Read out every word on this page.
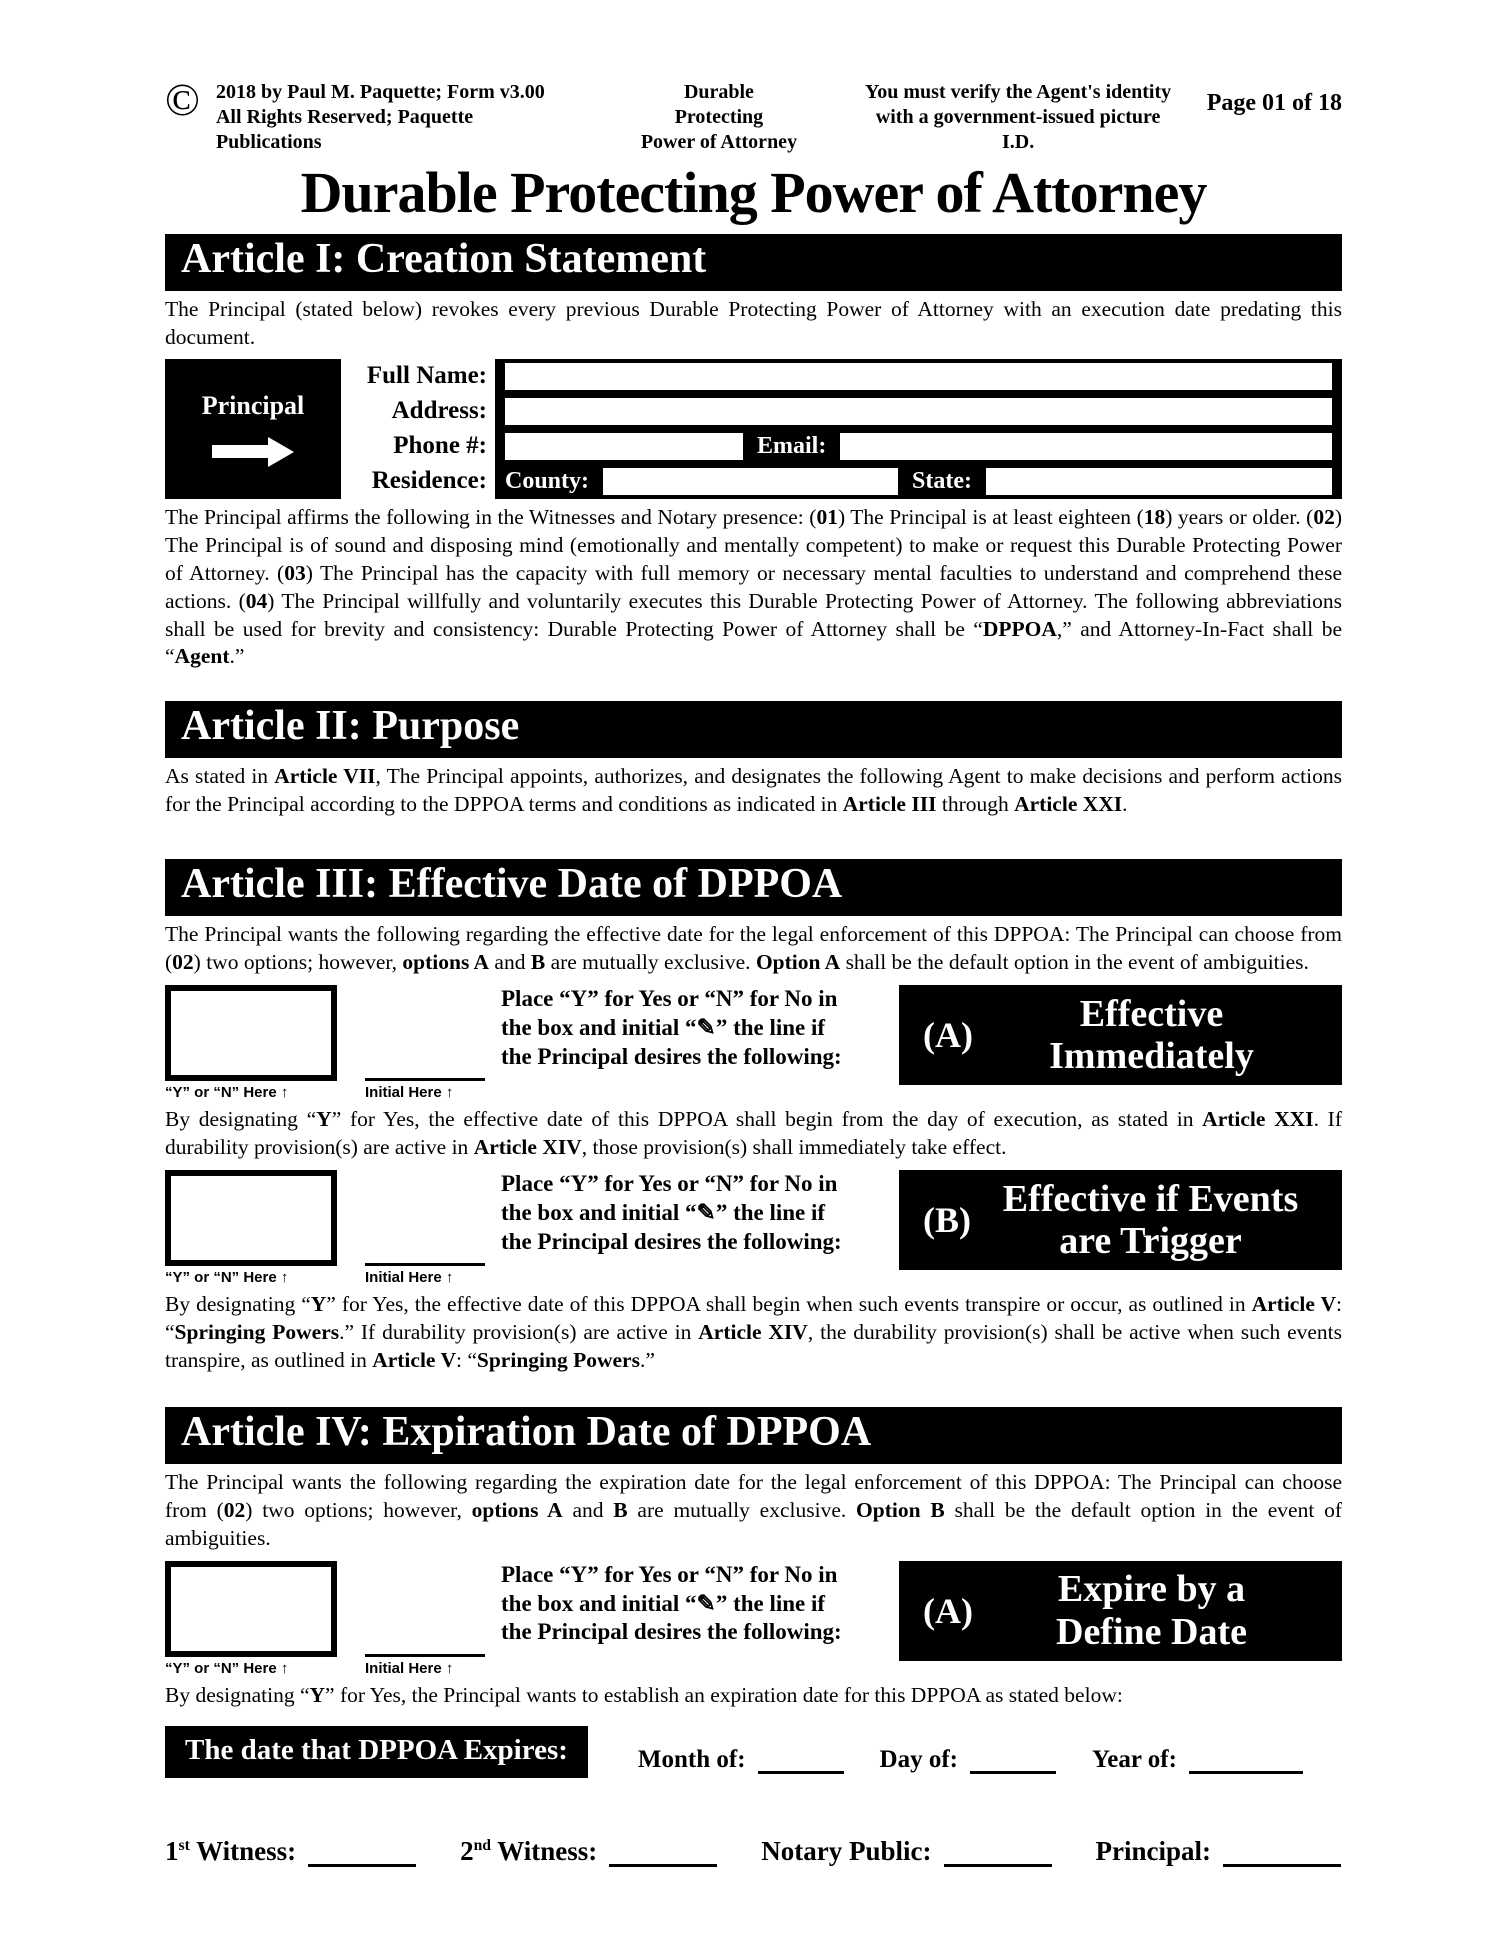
© 2018 by Paul M. Paquette; Form v3.00
All Rights Reserved; Paquette Publications
Durable Protecting
Power of Attorney
You must verify the Agent's identity
with a government-issued picture I.D.
Page 01 of 18
Durable Protecting Power of Attorney
Article I: Creation Statement

The Principal (stated below) revokes every previous Durable Protecting Power of Attorney with an execution date predating this document.

Principal
Full Name:
Address:
Phone #:	Email:
Residence: County:	State:

The Principal affirms the following in the Witnesses and Notary presence: (01) The Principal is at least eighteen (18) years or older. (02) The Principal is of sound and disposing mind (emotionally and mentally competent) to make or request this Durable Protecting Power of Attorney. (03) The Principal has the capacity with full memory or necessary mental faculties to understand and comprehend these actions. (04) The Principal willfully and voluntarily executes this Durable Protecting Power of Attorney. The following abbreviations shall be used for brevity and consistency: Durable Protecting Power of Attorney shall be “DPPOA,” and Attorney-In-Fact shall be “Agent.”

Article II: Purpose

As stated in Article VII, The Principal appoints, authorizes, and designates the following Agent to make decisions and perform actions for the Principal according to the DPPOA terms and conditions as indicated in Article III through Article XXI.

Article III: Effective Date of DPPOA

The Principal wants the following regarding the effective date for the legal enforcement of this DPPOA: The Principal can choose from (02) two options; however, options A and B are mutually exclusive. Option A shall be the default option in the event of ambiguities.

“Y” or “N” Here ↑	Initial Here ↑
Place “Y” for Yes or “N” for No in
the box and initial “✎” the line if
the Principal desires the following:
(A)
Effective
Immediately

By designating “Y” for Yes, the effective date of this DPPOA shall begin from the day of execution, as stated in Article XXI. If durability provision(s) are active in Article XIV, those provision(s) shall immediately take effect.

“Y” or “N” Here ↑	Initial Here ↑
Place “Y” for Yes or “N” for No in
the box and initial “✎” the line if
the Principal desires the following:
(B)
Effective if Events
are Trigger

By designating “Y” for Yes, the effective date of this DPPOA shall begin when such events transpire or occur, as outlined in Article V: “Springing Powers.” If durability provision(s) are active in Article XIV, the durability provision(s) shall be active when such events transpire, as outlined in Article V: “Springing Powers.”

Article IV: Expiration Date of DPPOA

The Principal wants the following regarding the expiration date for the legal enforcement of this DPPOA: The Principal can choose from (02) two options; however, options A and B are mutually exclusive. Option B shall be the default option in the event of ambiguities.

“Y” or “N” Here ↑	Initial Here ↑
Place “Y” for Yes or “N” for No in
the box and initial “✎” the line if
the Principal desires the following:
(A)
Expire by a
Define Date

By designating “Y” for Yes, the Principal wants to establish an expiration date for this DPPOA as stated below:

The date that DPPOA Expires:	Month of:	Day of:	Year of:
1st Witness:	2nd Witness:	Notary Public:	Principal:
